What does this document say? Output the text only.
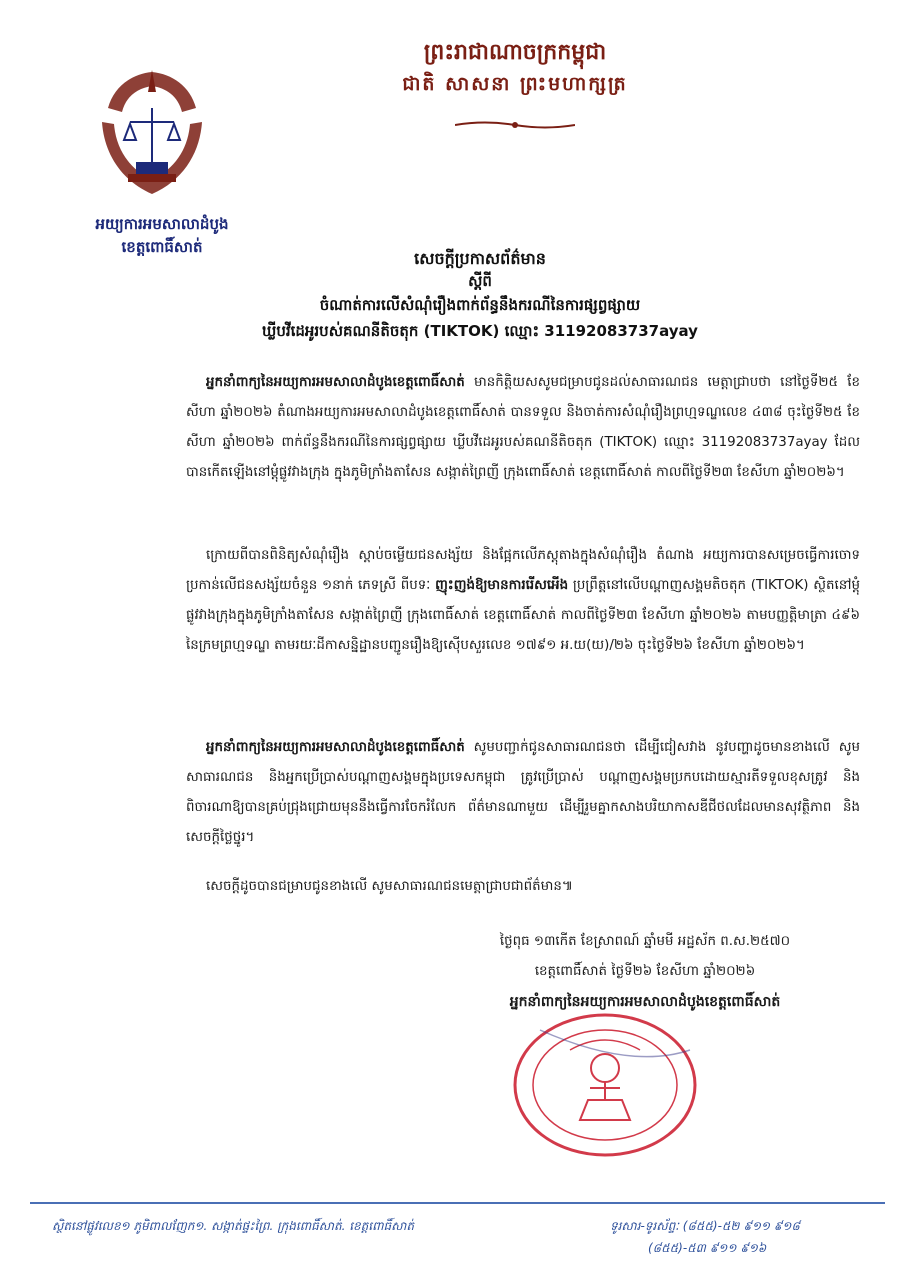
អយ្យការអមសាលាដំបូង
ខេត្តពោធិ៍សាត់
ព្រះរាជាណាចក្រកម្ពុជា
ជាតិ សាសនា ព្រះមហាក្សត្រ
សេចក្ដីប្រកាសព័ត៌មាន
ស្ដីពី
ចំណាត់ការលើសំណុំរឿងពាក់ព័ន្ធនឹងករណីនៃការផ្សព្វផ្សាយ
ឃ្លីបវីដេអូរបស់គណនីតិចតុក (TIKTOK) ឈ្មោះ 31192083737ayay
អ្នកនាំពាក្យនៃអយ្យការអមសាលាដំបូងខេត្តពោធិ៍សាត់ មានកិត្តិយសសូមជម្រាបជូនដល់សាធារណជន មេត្តាជ្រាបថា នៅថ្ងៃទី២៥ ខែសីហា ឆ្នាំ២០២៦ តំណាងអយ្យការអមសាលាដំបូងខេត្តពោធិ៍សាត់ បានទទួល និងចាត់ការសំណុំរឿងព្រហ្មទណ្ឌលេខ ៤៣៨ ចុះថ្ងៃទី២៥ ខែសីហា ឆ្នាំ២០២៦ ពាក់ព័ន្ធនឹងករណីនៃការផ្សព្វផ្សាយ ឃ្លីបវីដេអូរបស់គណនីតិចតុក (TIKTOK) ឈ្មោះ 31192083737ayay ដែលបានកើតឡើងនៅម្ដុំផ្លូវវាងក្រុង ក្នុងភូមិក្រាំងតាសែន សង្កាត់ព្រៃញី ក្រុងពោធិ៍សាត់ ខេត្តពោធិ៍សាត់ កាលពីថ្ងៃទី២៣ ខែសីហា ឆ្នាំ២០២៦។
ក្រោយពីបានពិនិត្យសំណុំរឿង ស្ដាប់ចម្លើយជនសង្ស័យ និងផ្អែកលើភស្តុតាងក្នុងសំណុំរឿង តំណាង អយ្យការបានសម្រេចធ្វើការចោទប្រកាន់លើជនសង្ស័យចំនួន ១នាក់ ភេទស្រី ពីបទៈ ញុះញង់ឱ្យមានការរើសអើង ប្រព្រឹត្តនៅលើបណ្ដាញសង្គមតិចតុក (TIKTOK) ស្ថិតនៅម្ដុំផ្លូវវាងក្រុងក្នុងភូមិក្រាំងតាសែន សង្កាត់ព្រៃញី ក្រុងពោធិ៍សាត់ ខេត្តពោធិ៍សាត់ កាលពីថ្ងៃទី២៣ ខែសីហា ឆ្នាំ២០២៦ តាមបញ្ញត្តិមាត្រា ៤៩៦ នៃក្រមព្រហ្មទណ្ឌ តាមរយៈដីកាសន្និដ្ឋានបញ្ជូនរឿងឱ្យស៊ើបសួរលេខ ១៧៩១ អ.យ(យ)/២៦ ចុះថ្ងៃទី២៦ ខែសីហា ឆ្នាំ២០២៦។
អ្នកនាំពាក្យនៃអយ្យការអមសាលាដំបូងខេត្តពោធិ៍សាត់ សូមបញ្ជាក់ជូនសាធារណជនថា ដើម្បីជៀសវាង នូវបញ្ហាដូចមានខាងលើ សូមសាធារណជន និងអ្នកប្រើប្រាស់បណ្ដាញសង្គមក្នុងប្រទេសកម្ពុជា ត្រូវប្រើប្រាស់ បណ្ដាញសង្គមប្រកបដោយស្មារតីទទួលខុសត្រូវ និងពិចារណាឱ្យបានគ្រប់ជ្រុងជ្រោយមុននឹងធ្វើការចែករំលែក ព័ត៌មានណាមួយ ដើម្បីរួមគ្នាកសាងបរិយាកាសឌីជីថលដែលមានសុវត្ថិភាព និងសេចក្ដីថ្លៃថ្នូរ។
សេចក្ដីដូចបានជម្រាបជូនខាងលើ សូមសាធារណជនមេត្តាជ្រាបជាព័ត៌មាន៕
ថ្ងៃពុធ ១៣កើត ខែស្រាពណ៍ ឆ្នាំមមី អដ្ឋស័ក ព.ស.២៥៧០
ខេត្តពោធិ៍សាត់ ថ្ងៃទី២៦ ខែសីហា ឆ្នាំ២០២៦
អ្នកនាំពាក្យនៃអយ្យការអមសាលាដំបូងខេត្តពោធិ៍សាត់
ស្ថិតនៅផ្លូវលេខ១ ភូមិពាលញែក១. សង្កាត់ផ្ទះព្រៃ. ក្រុងពោធិ៍សាត់. ខេត្តពោធិ៍សាត់	ទូរសារ-ទូរស័ព្ទៈ (៨៥៥)-៥២ ៩១១ ៩១៨
(៨៥៥)-៥៣ ៩១១ ៩១៦
